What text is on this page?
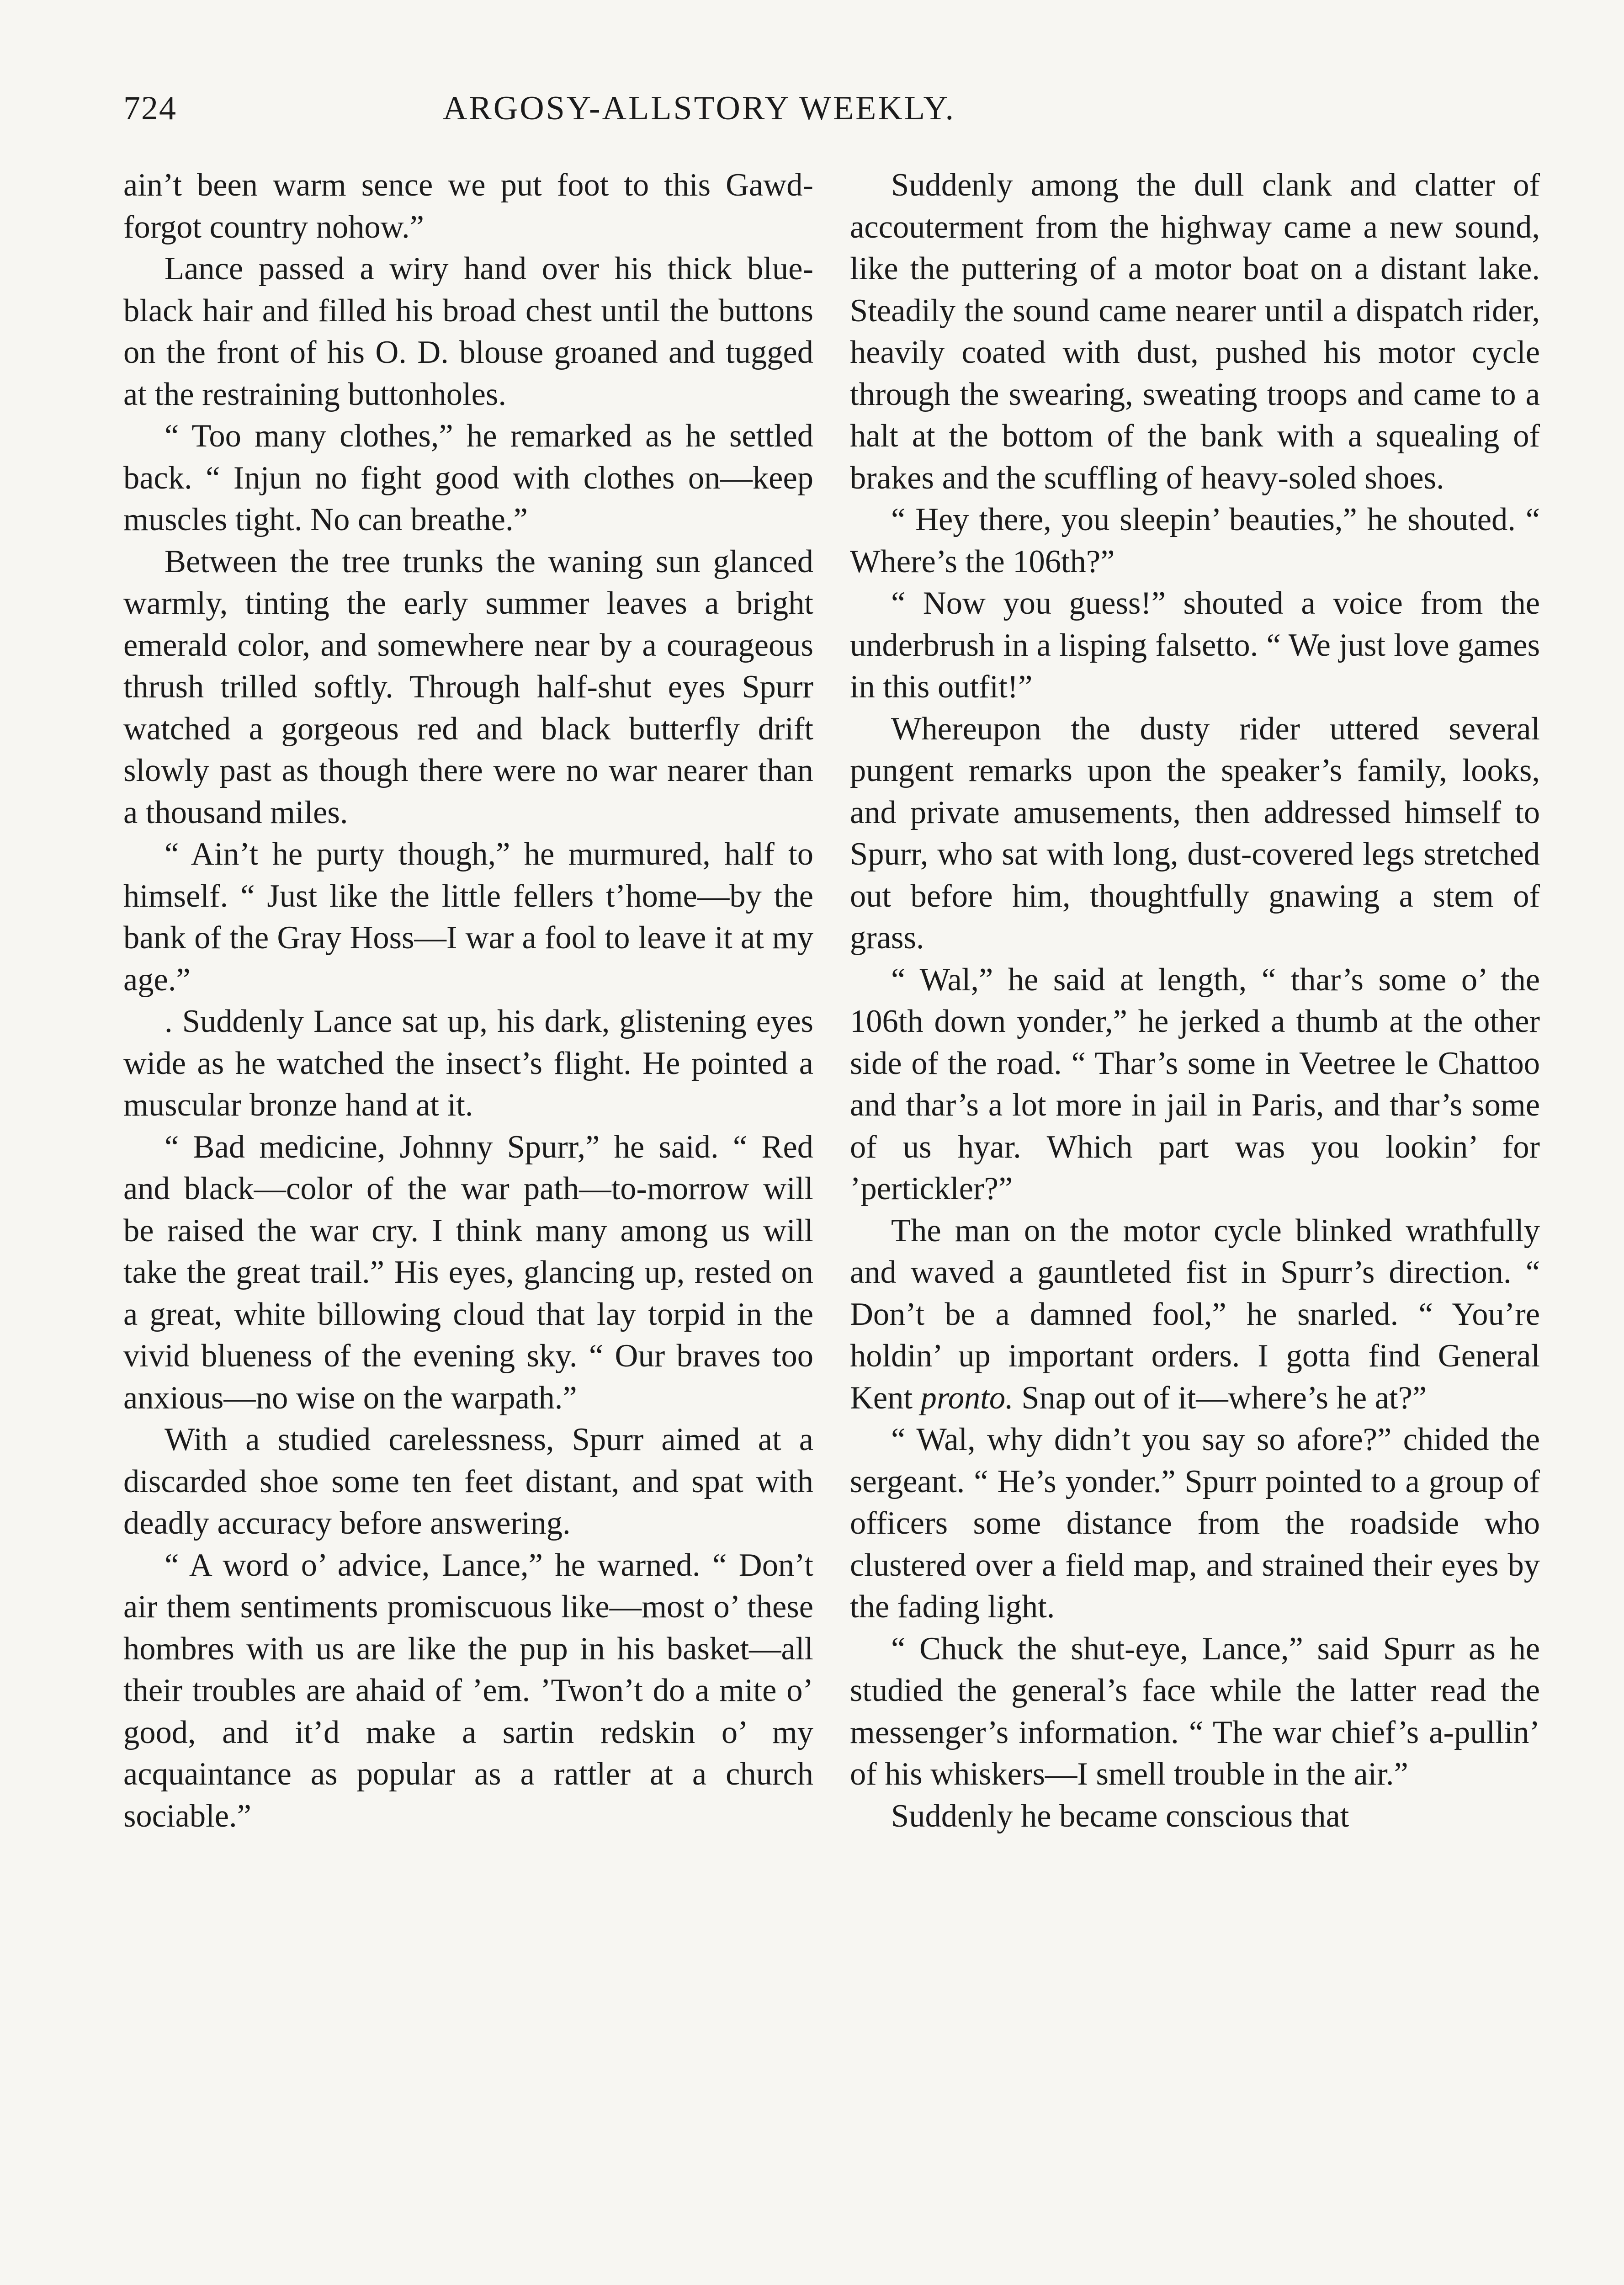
724	ARGOSY-ALLSTORY WEEKLY.

ain’t been warm sence we put foot to this Gawd-forgot country nohow.”

Lance passed a wiry hand over his thick blue-black hair and filled his broad chest until the buttons on the front of his O. D. blouse groaned and tugged at the restraining buttonholes.

“ Too many clothes,” he remarked as he settled back. “ Injun no fight good with clothes on—keep muscles tight. No can breathe.”

Between the tree trunks the waning sun glanced warmly, tinting the early summer leaves a bright emerald color, and somewhere near by a courageous thrush trilled softly. Through half-shut eyes Spurr watched a gorgeous red and black butterfly drift slowly past as though there were no war nearer than a thousand miles.

“ Ain’t he purty though,” he murmured, half to himself. “ Just like the little fellers t’home—by the bank of the Gray Hoss—I war a fool to leave it at my age.”

. Suddenly Lance sat up, his dark, glistening eyes wide as he watched the insect’s flight. He pointed a muscular bronze hand at it.

“ Bad medicine, Johnny Spurr,” he said. “ Red and black—color of the war path—to-morrow will be raised the war cry. I think many among us will take the great trail.” His eyes, glancing up, rested on a great, white billowing cloud that lay torpid in the vivid blueness of the evening sky. “ Our braves too anxious—no wise on the warpath.”

With a studied carelessness, Spurr aimed at a discarded shoe some ten feet distant, and spat with deadly accuracy before answering.

“ A word o’ advice, Lance,” he warned. “ Don’t air them sentiments promiscuous like—most o’ these hombres with us are like the pup in his basket—all their troubles are ahaid of ’em. ’Twon’t do a mite o’ good, and it’d make a sartin redskin o’ my acquaintance as popular as a rattler at a church sociable.”

Suddenly among the dull clank and clatter of accouterment from the highway came a new sound, like the puttering of a motor boat on a distant lake. Steadily the sound came nearer until a dispatch rider, heavily coated with dust, pushed his motor cycle through the swearing, sweating troops and came to a halt at the bottom of the bank with a squealing of brakes and the scuffling of heavy-soled shoes.

“ Hey there, you sleepin’ beauties,” he shouted. “ Where’s the 106th?”

“ Now you guess!” shouted a voice from the underbrush in a lisping falsetto. “ We just love games in this outfit!”

Whereupon the dusty rider uttered several pungent remarks upon the speaker’s family, looks, and private amusements, then addressed himself to Spurr, who sat with long, dust-covered legs stretched out before him, thoughtfully gnawing a stem of grass.

“ Wal,” he said at length, “ thar’s some o’ the 106th down yonder,” he jerked a thumb at the other side of the road. “ Thar’s some in Veetree le Chattoo and thar’s a lot more in jail in Paris, and thar’s some of us hyar. Which part was you lookin’ for ’pertickler?”

The man on the motor cycle blinked wrathfully and waved a gauntleted fist in Spurr’s direction. “ Don’t be a damned fool,” he snarled. “ You’re holdin’ up important orders. I gotta find General Kent pronto. Snap out of it—where’s he at?”

“ Wal, why didn’t you say so afore?” chided the sergeant. “ He’s yonder.” Spurr pointed to a group of officers some distance from the roadside who clustered over a field map, and strained their eyes by the fading light.

“ Chuck the shut-eye, Lance,” said Spurr as he studied the general’s face while the latter read the messenger’s information. “ The war chief’s a-pullin’ of his whiskers—I smell trouble in the air.”

Suddenly he became conscious that
